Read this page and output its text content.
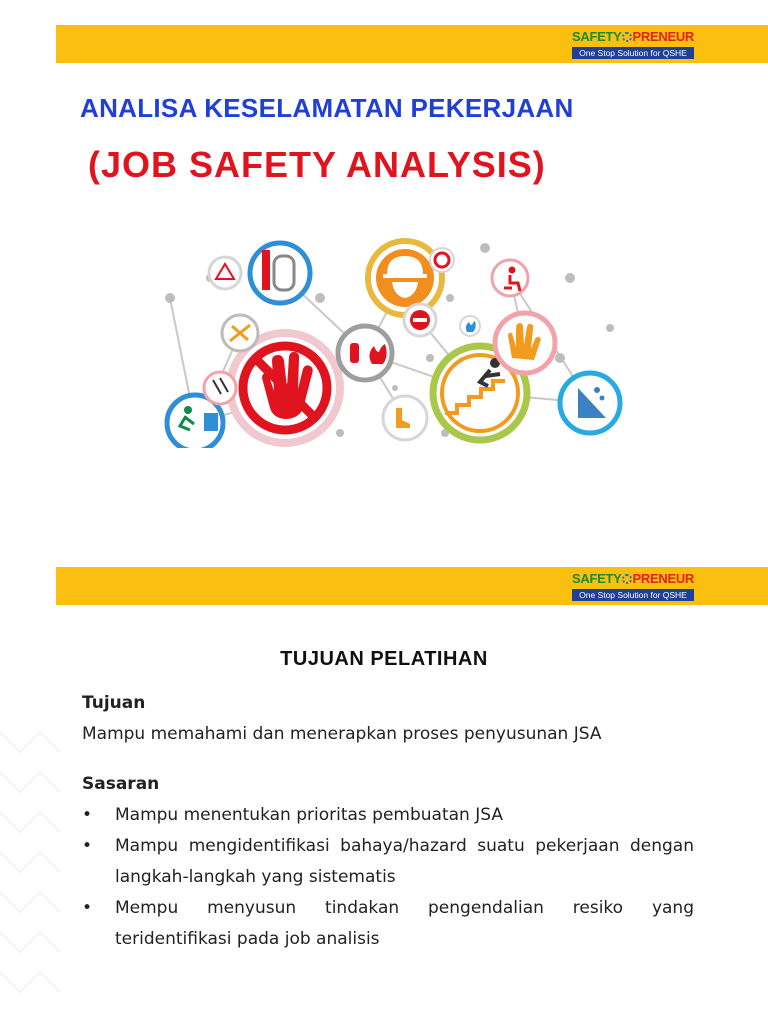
SAFETY PRENEUR
One Stop Solution for QSHE
ANALISA KESELAMATAN PEKERJAAN
(JOB SAFETY ANALYSIS)
SAFETY PRENEUR
One Stop Solution for QSHE
TUJUAN PELATIHAN
Tujuan
Mampu memahami dan menerapkan proses penyusunan JSA
Sasaran
• Mampu menentukan prioritas pembuatan JSA
• Mampu mengidentifikasi bahaya/hazard suatu pekerjaan dengan langkah-langkah yang sistematis
• Mempu menyusun tindakan pengendalian resiko yang teridentifikasi pada job analisis
